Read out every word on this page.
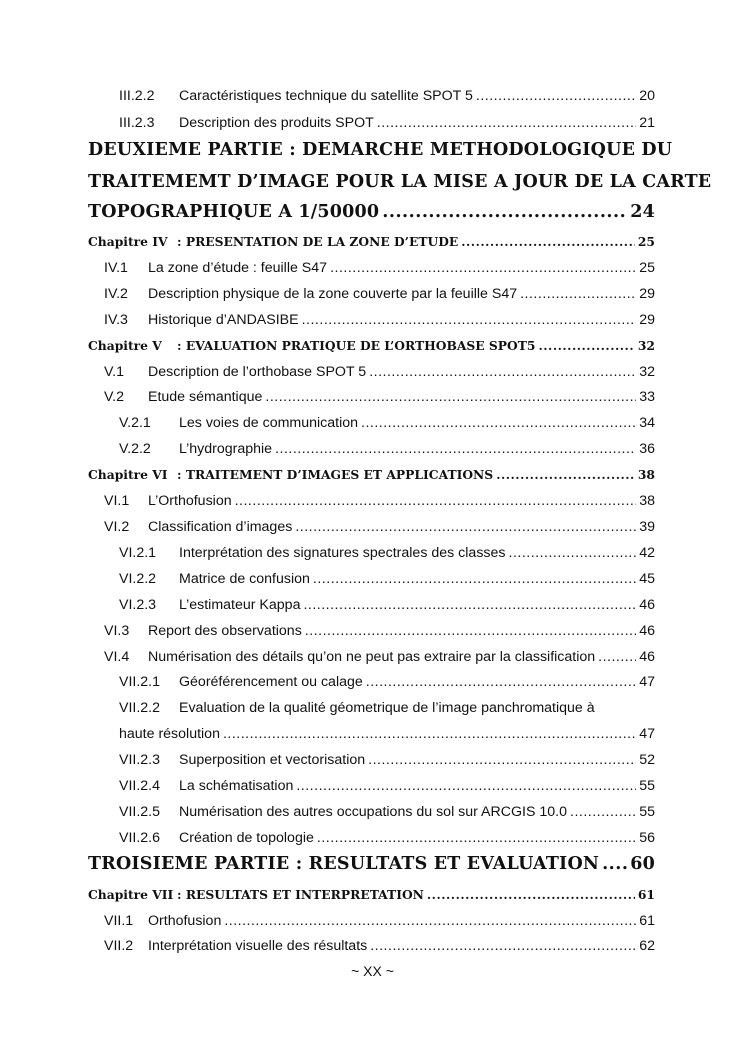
III.2.2	Caractéristiques technique du satellite SPOT 5 .....	20
III.2.3	Description des produits SPOT .....	21
DEUXIEME PARTIE : DEMARCHE METHODOLOGIQUE DU
TRAITEMEMT D’IMAGE POUR LA MISE A JOUR DE LA CARTE
TOPOGRAPHIQUE A 1/50000 .....	24
Chapitre IV : PRESENTATION DE LA ZONE D’ETUDE .....	25
IV.1	La zone d’étude : feuille S47 .....	25
IV.2	Description physique de la zone couverte par la feuille S47 .....	29
IV.3	Historique d’ANDASIBE .....	29
Chapitre V	: EVALUATION PRATIQUE DE L’ORTHOBASE SPOT5 .....	32
V.1	Description de l’orthobase SPOT 5 .....	32
V.2	Etude sémantique .....	33
V.2.1	Les voies de communication .....	34
V.2.2	L’hydrographie .....	36
Chapitre VI : TRAITEMENT D’IMAGES ET APPLICATIONS .....	38
VI.1	L’Orthofusion .....	38
VI.2	Classification d’images .....	39
VI.2.1	Interprétation des signatures spectrales des classes .....	42
VI.2.2	Matrice de confusion .....	45
VI.2.3	L’estimateur Kappa .....	46
VI.3	Report des observations .....	46
VI.4	Numérisation des détails qu’on ne peut pas extraire par la classification .....	46
VII.2.1	Géoréférencement ou calage .....	47
VII.2.2	Evaluation de la qualité géometrique de l’image panchromatique à
haute résolution .....	47
VII.2.3	Superposition et vectorisation .....	52
VII.2.4	La schématisation .....	55
VII.2.5	Numérisation des autres occupations du sol sur ARCGIS 10.0 .....	55
VII.2.6	Création de topologie .....	56
TROISIEME PARTIE : RESULTATS ET EVALUATION ..... 60
Chapitre VII : RESULTATS ET INTERPRETATION .....	61
VII.1	Orthofusion .....	61
VII.2	Interprétation visuelle des résultats .....	62
~ XX ~
